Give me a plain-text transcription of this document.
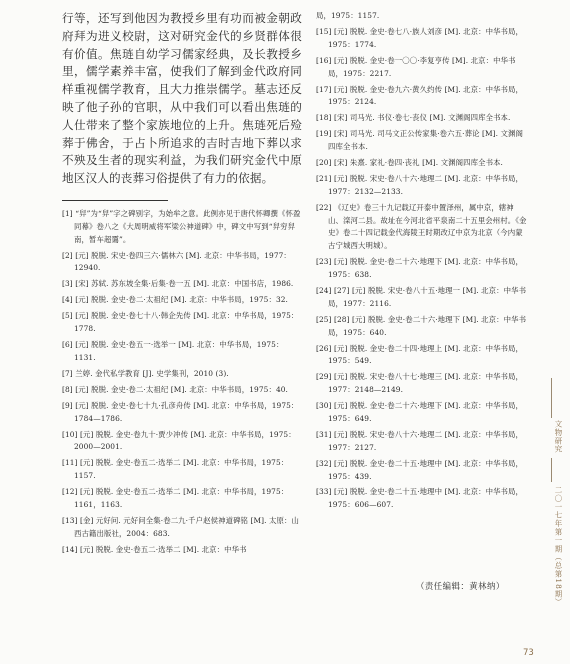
行等，还写到他因为教授乡里有功而被金朝政府拜为进义校尉，这对研究金代的乡贤群体很有价值。焦琏自幼学习儒家经典，及长教授乡里，儒学素养丰富，使我们了解到金代政府同样重视儒学教育，且大力推崇儒学。墓志还反映了他子孙的官职，从中我们可以看出焦琏的人仕带来了整个家族地位的上升。焦琏死后殓葬于佛舍，于占卜所追求的吉时吉地下葬以求不殃及生者的现实利益，为我们研究金代中原地区汉人的丧葬习俗提供了有力的依据。

[1] “舁”为“舁”字之碑别字，为始牟之意。此例亦见于唐代怀卿撰《怀盈同幕》卷八之《大周明威将军梁公神道碑》中，碑文中写到“舁穷舁南，暂车超霭”。

[2] [元] 脱脱. 宋史·卷四三六·儒林六 [M]. 北京：中华书局，1977：12940.

[3] [宋] 苏轼. 苏东坡全集·后集·卷一五 [M]. 北京：中国书店，1986.

[4] [元] 脱脱. 金史·卷二·太祖纪 [M]. 北京：中华书局，1975：32.

[5] [元] 脱脱. 金史·卷七十八·韩企先传 [M]. 北京：中华书局，1975：1778.

[6] [元] 脱脱. 金史·卷五一·选举一 [M]. 北京：中华书局，1975：1131.

[7] 兰婷. 金代私学教育 [J]. 史学集刊，2010 (3).

[8] [元] 脱脱. 金史·卷二·太祖纪 [M]. 北京：中华书局，1975：40.

[9] [元] 脱脱. 金史·卷七十九·孔彦舟传 [M]. 北京：中华书局，1975：1784—1786.

[10] [元] 脱脱. 金史·卷九十·贾少冲传 [M]. 北京：中华书局，1975：2000—2001.

[11] [元] 脱脱. 金史·卷五二·选举二 [M]. 北京：中华书局，1975：1157.

[12] [元] 脱脱. 金史·卷五二·选举二 [M]. 北京：中华书局，1975：1161，1163.

[13] [金] 元好问. 元好问全集·卷二九·千户赵侯神道碑铭 [M]. 太原：山西古籍出版社，2004：683.

[14] [元] 脱脱. 金史·卷五二·选举二 [M]. 北京：中华书

局，1975：1157.

[15] [元] 脱脱. 金史·卷七八·族人刘彦 [M]. 北京：中华书局，1975：1774.

[16] [元] 脱脱. 金史·卷一〇〇·李复亨传 [M]. 北京：中华书局，1975：2217.

[17] [元] 脱脱. 金史·卷九六·黄久约传 [M]. 北京：中华书局，1975：2124.

[18] [宋] 司马光. 书仪·卷七·丧仪 [M]. 文渊阁四库全书本.

[19] [宋] 司马光. 司马文正公传家集·卷六五·葬论 [M]. 文渊阁四库全书本.

[20] [宋] 朱熹. 家礼·卷四·丧礼 [M]. 文渊阁四库全书本.

[21] [元] 脱脱. 宋史·卷八十六·地理二 [M]. 北京：中华书局，1977：2132—2133.

[22] 《辽史》卷三十九记载辽开泰中置泽州，属中京，辖神山、滦河二县。故址在今河北省平泉南二十五里会州村。《金史》卷二十四记载金代海陵王时期改辽中京为北京（今内蒙古宁城西大明城）。

[23] [元] 脱脱. 金史·卷二十六·地理下 [M]. 北京：中华书局，1975：638.

[24] [27] [元] 脱脱. 宋史·卷八十五·地理一 [M]. 北京：中华书局，1977：2116.

[25] [28] [元] 脱脱. 金史·卷二十六·地理下 [M]. 北京：中华书局，1975：640.

[26] [元] 脱脱. 金史·卷二十四·地理上 [M]. 北京：中华书局，1975：549.

[29] [元] 脱脱. 宋史·卷八十七·地理三 [M]. 北京：中华书局，1977：2148—2149.

[30] [元] 脱脱. 金史·卷二十六·地理下 [M]. 北京：中华书局，1975：649.

[31] [元] 脱脱. 宋史·卷八十六·地理二 [M]. 北京：中华书局，1977：2127.

[32] [元] 脱脱. 金史·卷二十五·地理中 [M]. 北京：中华书局，1975：439.

[33] [元] 脱脱. 金史·卷二十五·地理中 [M]. 北京：中华书局，1975：606—607.

（责任编辑：黄林纳）
文物研究
二〇一七年第一期（总第18期）
73
